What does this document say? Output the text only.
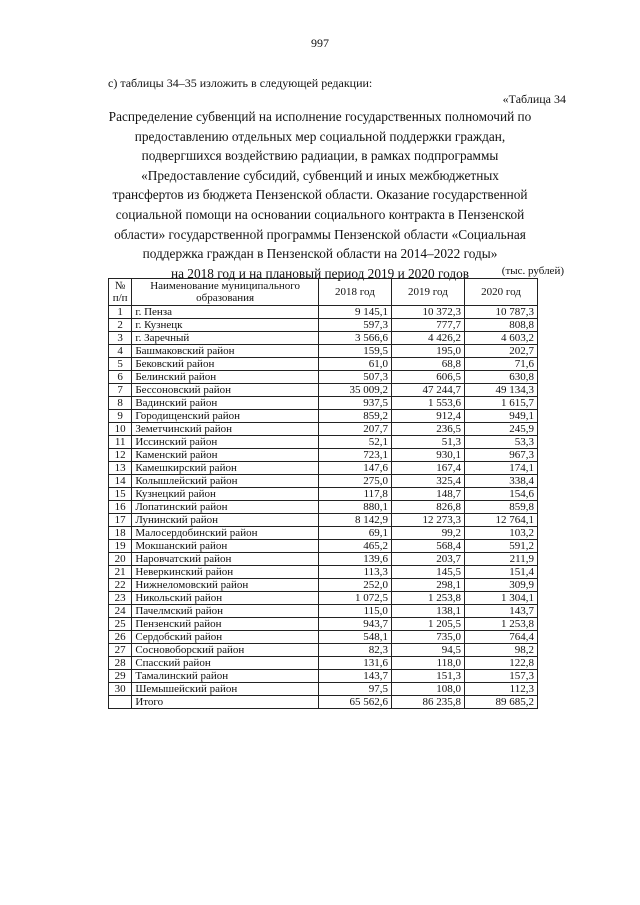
997
c) таблицы 34–35 изложить в следующей редакции:
«Таблица 34
Распределение субвенций на исполнение государственных полномочий по
предоставлению отдельных мер социальной поддержки граждан,
подвергшихся воздействию радиации, в рамках подпрограммы
«Предоставление субсидий, субвенций и иных межбюджетных
трансфертов из бюджета Пензенской области. Оказание государственной
социальной помощи на основании социального контракта в Пензенской
области» государственной программы Пензенской области «Социальная
поддержка граждан в Пензенской области на 2014–2022 годы»
на 2018 год и на плановый период 2019 и 2020 годов	(тыс. рублей)
№ п/п	Наименование муниципального образования	2018 год	2019 год	2020 год
1	г. Пенза	9 145,1	10 372,3	10 787,3
2	г. Кузнецк	597,3	777,7	808,8
3	г. Заречный	3 566,6	4 426,2	4 603,2
4	Башмаковский район	159,5	195,0	202,7
5	Бековский район	61,0	68,8	71,6
6	Белинский район	507,3	606,5	630,8
7	Бессоновский район	35 009,2	47 244,7	49 134,3
8	Вадинский район	937,5	1 553,6	1 615,7
9	Городищенский район	859,2	912,4	949,1
10	Земетчинский район	207,7	236,5	245,9
11	Иссинский район	52,1	51,3	53,3
12	Каменский район	723,1	930,1	967,3
13	Камешкирский район	147,6	167,4	174,1
14	Колышлейский район	275,0	325,4	338,4
15	Кузнецкий район	117,8	148,7	154,6
16	Лопатинский район	880,1	826,8	859,8
17	Лунинский район	8 142,9	12 273,3	12 764,1
18	Малосердобинский район	69,1	99,2	103,2
19	Мокшанский район	465,2	568,4	591,2
20	Наровчатский район	139,6	203,7	211,9
21	Неверкинский район	113,3	145,5	151,4
22	Нижнеломовский район	252,0	298,1	309,9
23	Никольский район	1 072,5	1 253,8	1 304,1
24	Пачелмский район	115,0	138,1	143,7
25	Пензенский район	943,7	1 205,5	1 253,8
26	Сердобский район	548,1	735,0	764,4
27	Сосновоборский район	82,3	94,5	98,2
28	Спасский район	131,6	118,0	122,8
29	Тамалинский район	143,7	151,3	157,3
30	Шемышейский район	97,5	108,0	112,3
	Итого	65 562,6	86 235,8	89 685,2
